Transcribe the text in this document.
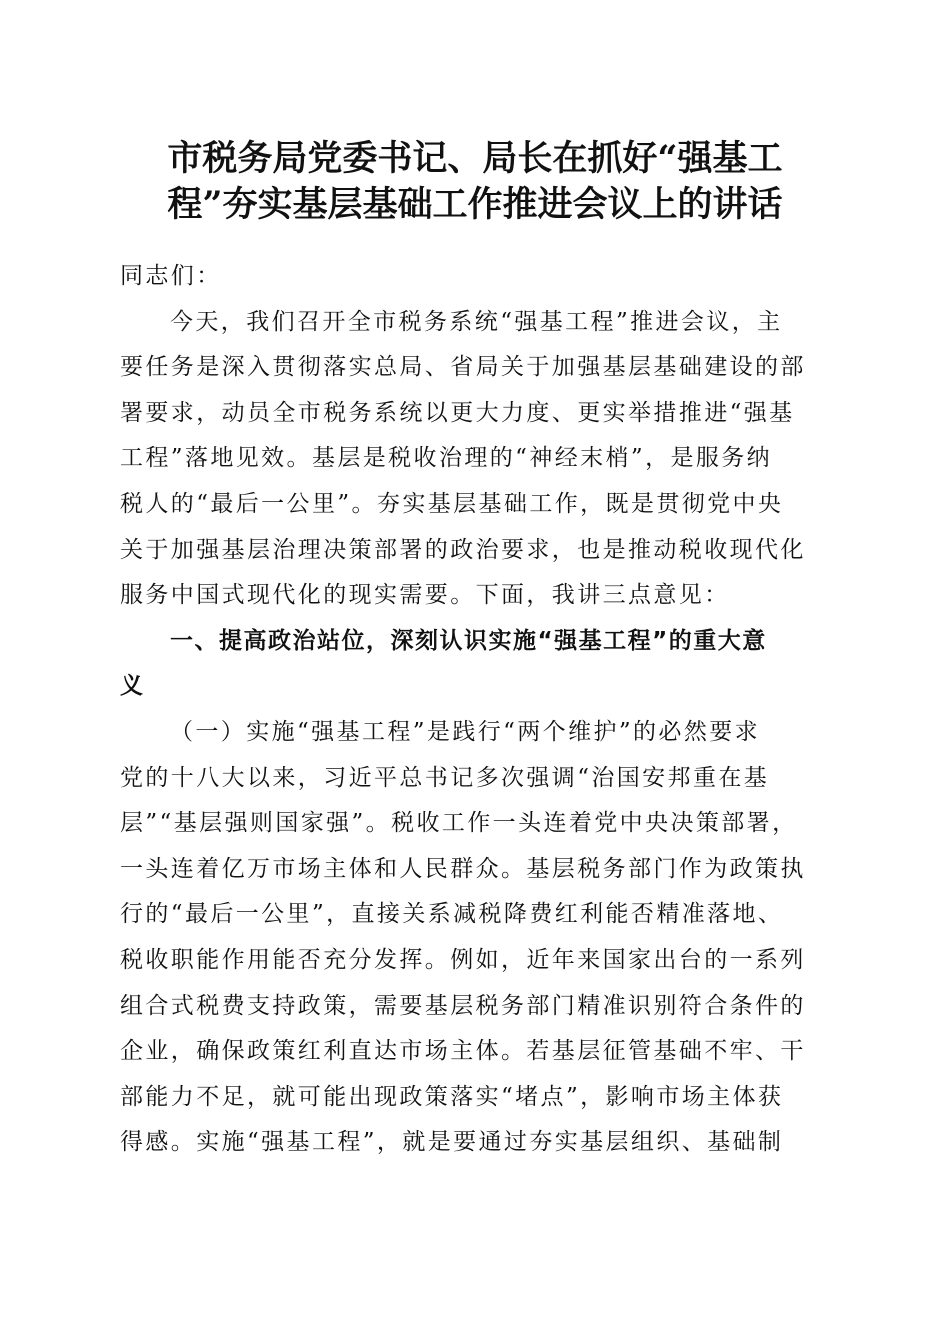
市税务局党委书记、局长在抓好“强基工
程”夯实基层基础工作推进会议上的讲话
同志们：
今天，我们召开全市税务系统“强基工程”推进会议，主
要任务是深入贯彻落实总局、省局关于加强基层基础建设的部
署要求，动员全市税务系统以更大力度、更实举措推进“强基
工程”落地见效。基层是税收治理的“神经末梢”，是服务纳
税人的“最后一公里”。夯实基层基础工作，既是贯彻党中央
关于加强基层治理决策部署的政治要求，也是推动税收现代化
服务中国式现代化的现实需要。下面，我讲三点意见：
一、提高政治站位，深刻认识实施“强基工程”的重大意
义
（一）实施“强基工程”是践行“两个维护”的必然要求
党的十八大以来，习近平总书记多次强调“治国安邦重在基
层”“基层强则国家强”。税收工作一头连着党中央决策部署，
一头连着亿万市场主体和人民群众。基层税务部门作为政策执
行的“最后一公里”，直接关系减税降费红利能否精准落地、
税收职能作用能否充分发挥。例如，近年来国家出台的一系列
组合式税费支持政策，需要基层税务部门精准识别符合条件的
企业，确保政策红利直达市场主体。若基层征管基础不牢、干
部能力不足，就可能出现政策落实“堵点”，影响市场主体获
得感。实施“强基工程”，就是要通过夯实基层组织、基础制
